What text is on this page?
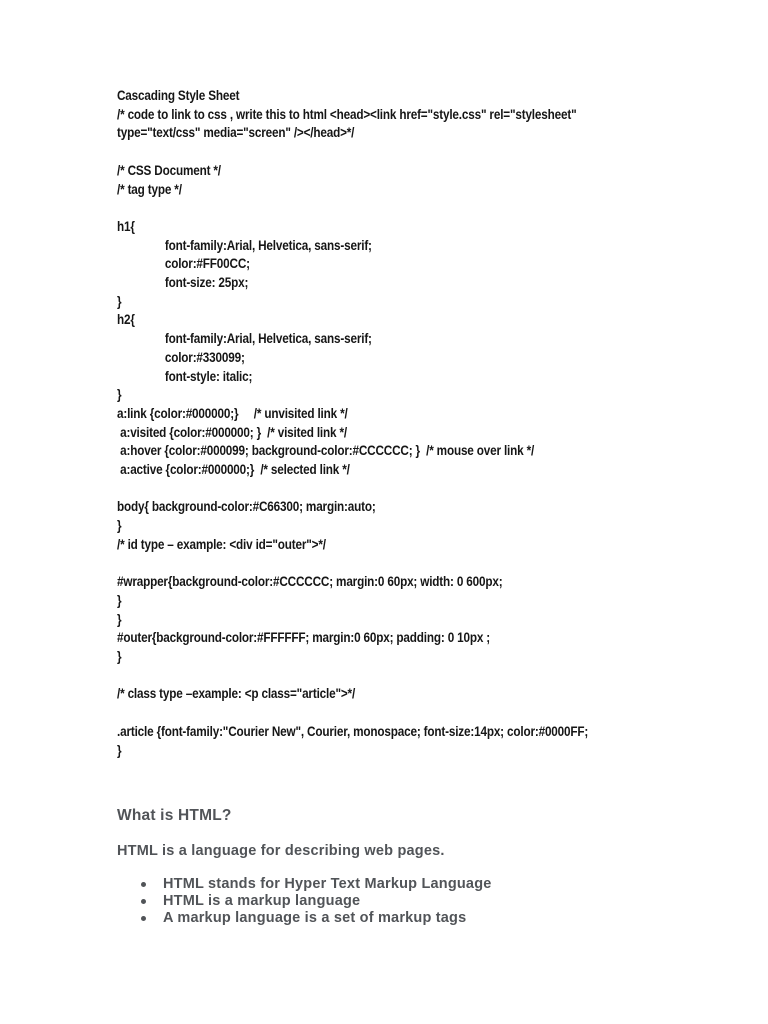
Cascading Style Sheet
/* code to link to css , write this to html <head><link href="style.css" rel="stylesheet"
type="text/css" media="screen" /></head>*/
/* CSS Document */
/* tag type */
h1{
font-family:Arial, Helvetica, sans-serif;
color:#FF00CC;
font-size: 25px;
}
h2{
font-family:Arial, Helvetica, sans-serif;
color:#330099;
font-style: italic;
}
a:link {color:#000000;}     /* unvisited link */
a:visited {color:#000000; }  /* visited link */
a:hover {color:#000099; background-color:#CCCCCC; }  /* mouse over link */
a:active {color:#000000;}  /* selected link */
body{ background-color:#C66300; margin:auto;
}
/* id type – example: <div id="outer">*/
#wrapper{background-color:#CCCCCC; margin:0 60px; width: 0 600px;
}
}
#outer{background-color:#FFFFFF; margin:0 60px; padding: 0 10px ;
}
/* class type –example: <p class="article">*/
.article {font-family:"Courier New", Courier, monospace; font-size:14px; color:#0000FF;
}
What is HTML?
HTML is a language for describing web pages.
HTML stands for Hyper Text Markup Language
HTML is a markup language
A markup language is a set of markup tags
